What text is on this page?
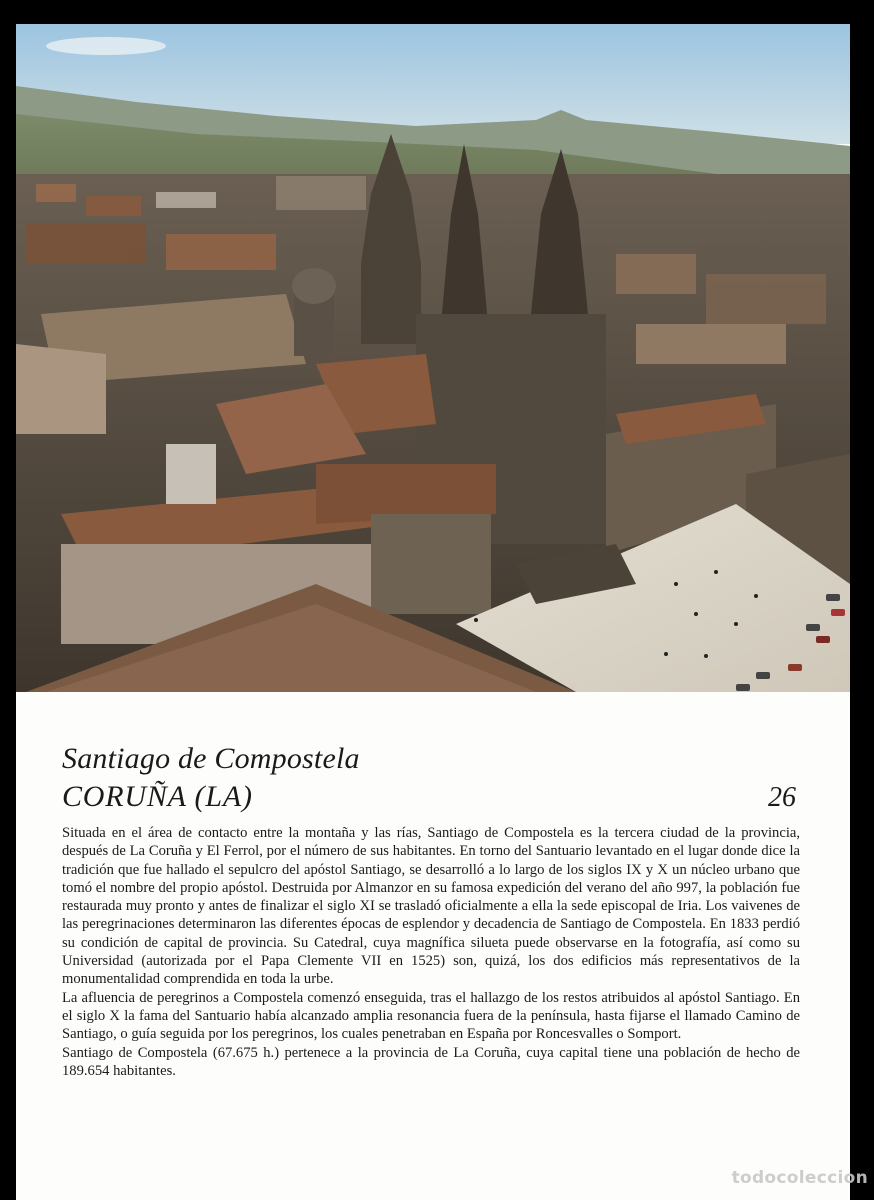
Santiago de Compostela
CORUÑA (LA)	26

Situada en el área de contacto entre la montaña y las rías, Santiago de Compostela es la tercera ciudad de la provincia, después de La Coruña y El Ferrol, por el número de sus habitantes. En torno del Santuario levantado en el lugar donde dice la tradición que fue hallado el sepulcro del apóstol Santiago, se desarrolló a lo largo de los siglos IX y X un núcleo urbano que tomó el nombre del propio apóstol. Destruida por Almanzor en su famosa expedición del verano del año 997, la población fue restaurada muy pronto y antes de finalizar el siglo XI se trasladó oficialmente a ella la sede episcopal de Iria. Los vaivenes de las peregrinaciones determinaron las diferentes épocas de esplendor y decadencia de Santiago de Compostela. En 1833 perdió su condición de capital de provincia. Su Catedral, cuya magnífica silueta puede observarse en la fotografía, así como su Universidad (autorizada por el Papa Clemente VII en 1525) son, quizá, los dos edificios más representativos de la monumentalidad comprendida en toda la urbe.

La afluencia de peregrinos a Compostela comenzó enseguida, tras el hallazgo de los restos atribuidos al apóstol Santiago. En el siglo X la fama del Santuario había alcanzado amplia resonancia fuera de la península, hasta fijarse el llamado Camino de Santiago, o guía seguida por los peregrinos, los cuales penetraban en España por Roncesvalles o Somport.

Santiago de Compostela (67.675 h.) pertenece a la provincia de La Coruña, cuya capital tiene una población de hecho de 189.654 habitantes.

todocoleccion
